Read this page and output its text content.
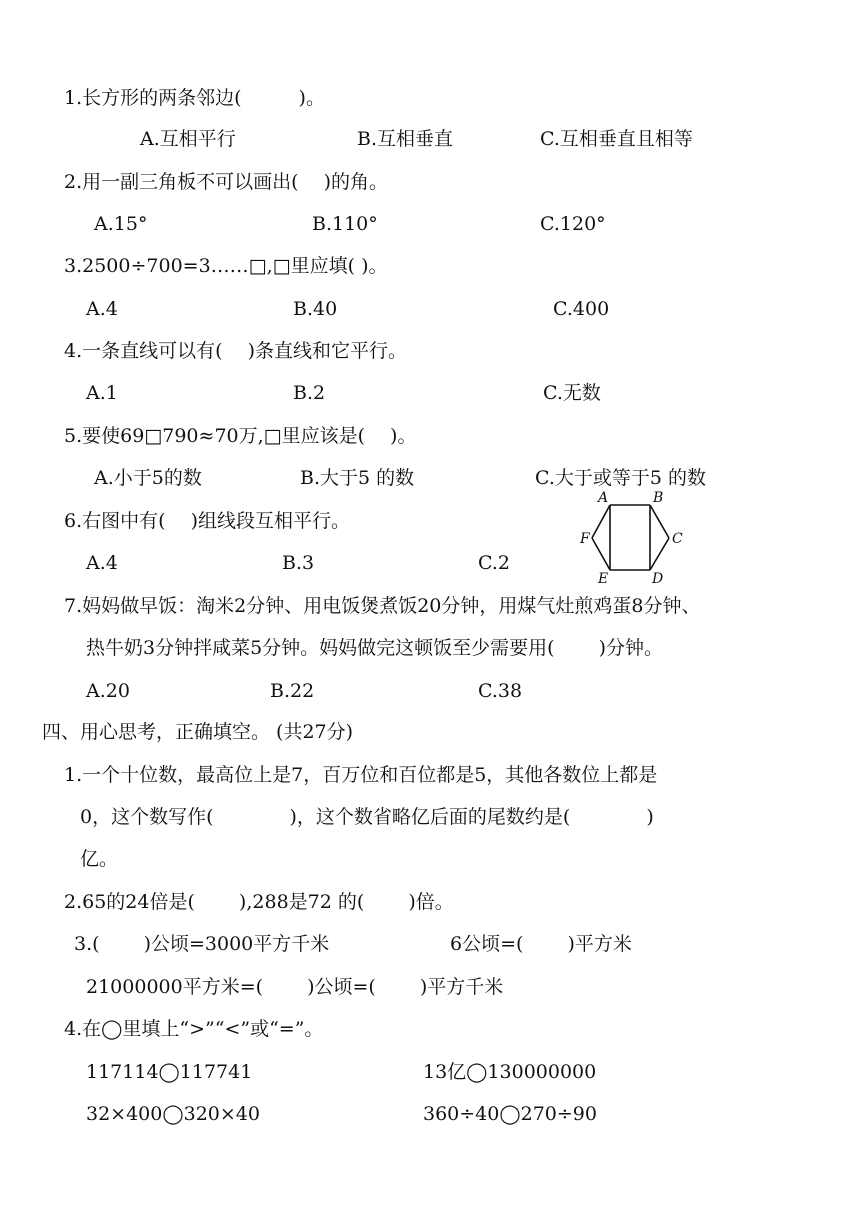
1.长方形的两条邻边(　　　)。
A.互相平行	B.互相垂直	C.互相垂直且相等
2.用一副三角板不可以画出(　 )的角。
A.15°	B.110°	C.120°
3.2500÷700=3……□,□里应填( )。
A.4	B.40	C.400
4.一条直线可以有(　 )条直线和它平行。
A.1	B.2	C.无数
5.要使69□790≈70万,□里应该是(　 )。
A.小于5的数	B.大于5 的数	C.大于或等于5 的数
6.右图中有(　 )组线段互相平行。
A.4	B.3	C.2
A	B
C
D
E
F
7.妈妈做早饭：淘米2分钟、用电饭煲煮饭20分钟，用煤气灶煎鸡蛋8分钟、
热牛奶3分钟拌咸菜5分钟。妈妈做完这顿饭至少需要用(　　 )分钟。
A.20	B.22	C.38
四、用心思考，正确填空。 (共27分)
1.一个十位数，最高位上是7，百万位和百位都是5，其他各数位上都是
0，这个数写作(　　　　)，这个数省略亿后面的尾数约是(　　　　)
亿。
2.65的24倍是(　　 ),288是72 的(　　 )倍。
3.(　　 )公顷=3000平方千米	6公顷=(　　 )平方米
21000000平方米=(　　 )公顷=(　　 )平方千米
4.在◯里填上“>”“<”或“=”。
117114◯117741	13亿◯130000000
32×400◯320×40	360÷40◯270÷90
